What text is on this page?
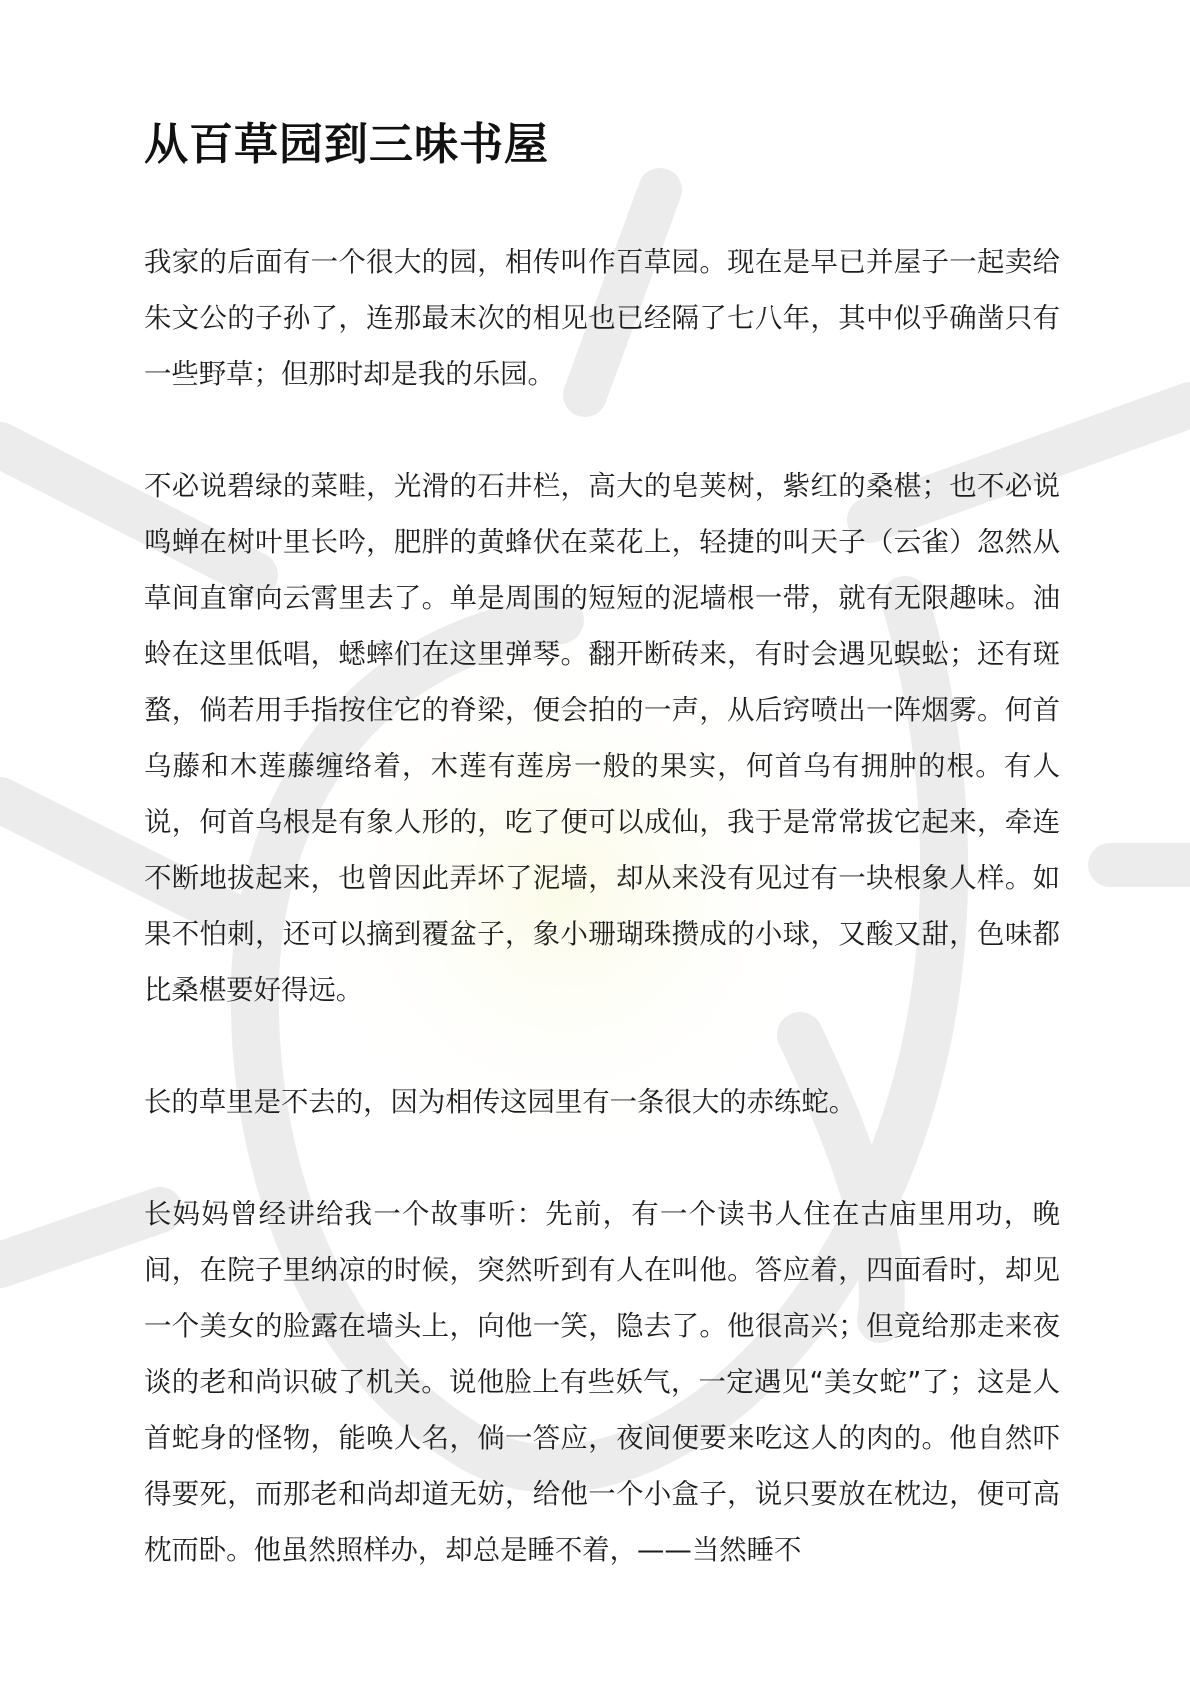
从百草园到三味书屋

我家的后面有一个很大的园，相传叫作百草园。现在是早已并屋子一起卖给朱文公的子孙了，连那最末次的相见也已经隔了七八年，其中似乎确凿只有一些野草；但那时却是我的乐园。

不必说碧绿的菜畦，光滑的石井栏，高大的皂荚树，紫红的桑椹；也不必说鸣蝉在树叶里长吟，肥胖的黄蜂伏在菜花上，轻捷的叫天子（云雀）忽然从草间直窜向云霄里去了。单是周围的短短的泥墙根一带，就有无限趣味。油蛉在这里低唱，蟋蟀们在这里弹琴。翻开断砖来，有时会遇见蜈蚣；还有斑蝥，倘若用手指按住它的脊梁，便会拍的一声，从后窍喷出一阵烟雾。何首乌藤和木莲藤缠络着，木莲有莲房一般的果实，何首乌有拥肿的根。有人说，何首乌根是有象人形的，吃了便可以成仙，我于是常常拔它起来，牵连不断地拔起来，也曾因此弄坏了泥墙，却从来没有见过有一块根象人样。如果不怕刺，还可以摘到覆盆子，象小珊瑚珠攒成的小球，又酸又甜，色味都比桑椹要好得远。

长的草里是不去的，因为相传这园里有一条很大的赤练蛇。

长妈妈曾经讲给我一个故事听：先前，有一个读书人住在古庙里用功，晚间，在院子里纳凉的时候，突然听到有人在叫他。答应着，四面看时，却见一个美女的脸露在墙头上，向他一笑，隐去了。他很高兴；但竟给那走来夜谈的老和尚识破了机关。说他脸上有些妖气，一定遇见“美女蛇”了；这是人首蛇身的怪物，能唤人名，倘一答应，夜间便要来吃这人的肉的。他自然吓得要死，而那老和尚却道无妨，给他一个小盒子，说只要放在枕边，便可高枕而卧。他虽然照样办，却总是睡不着，——当然睡不
